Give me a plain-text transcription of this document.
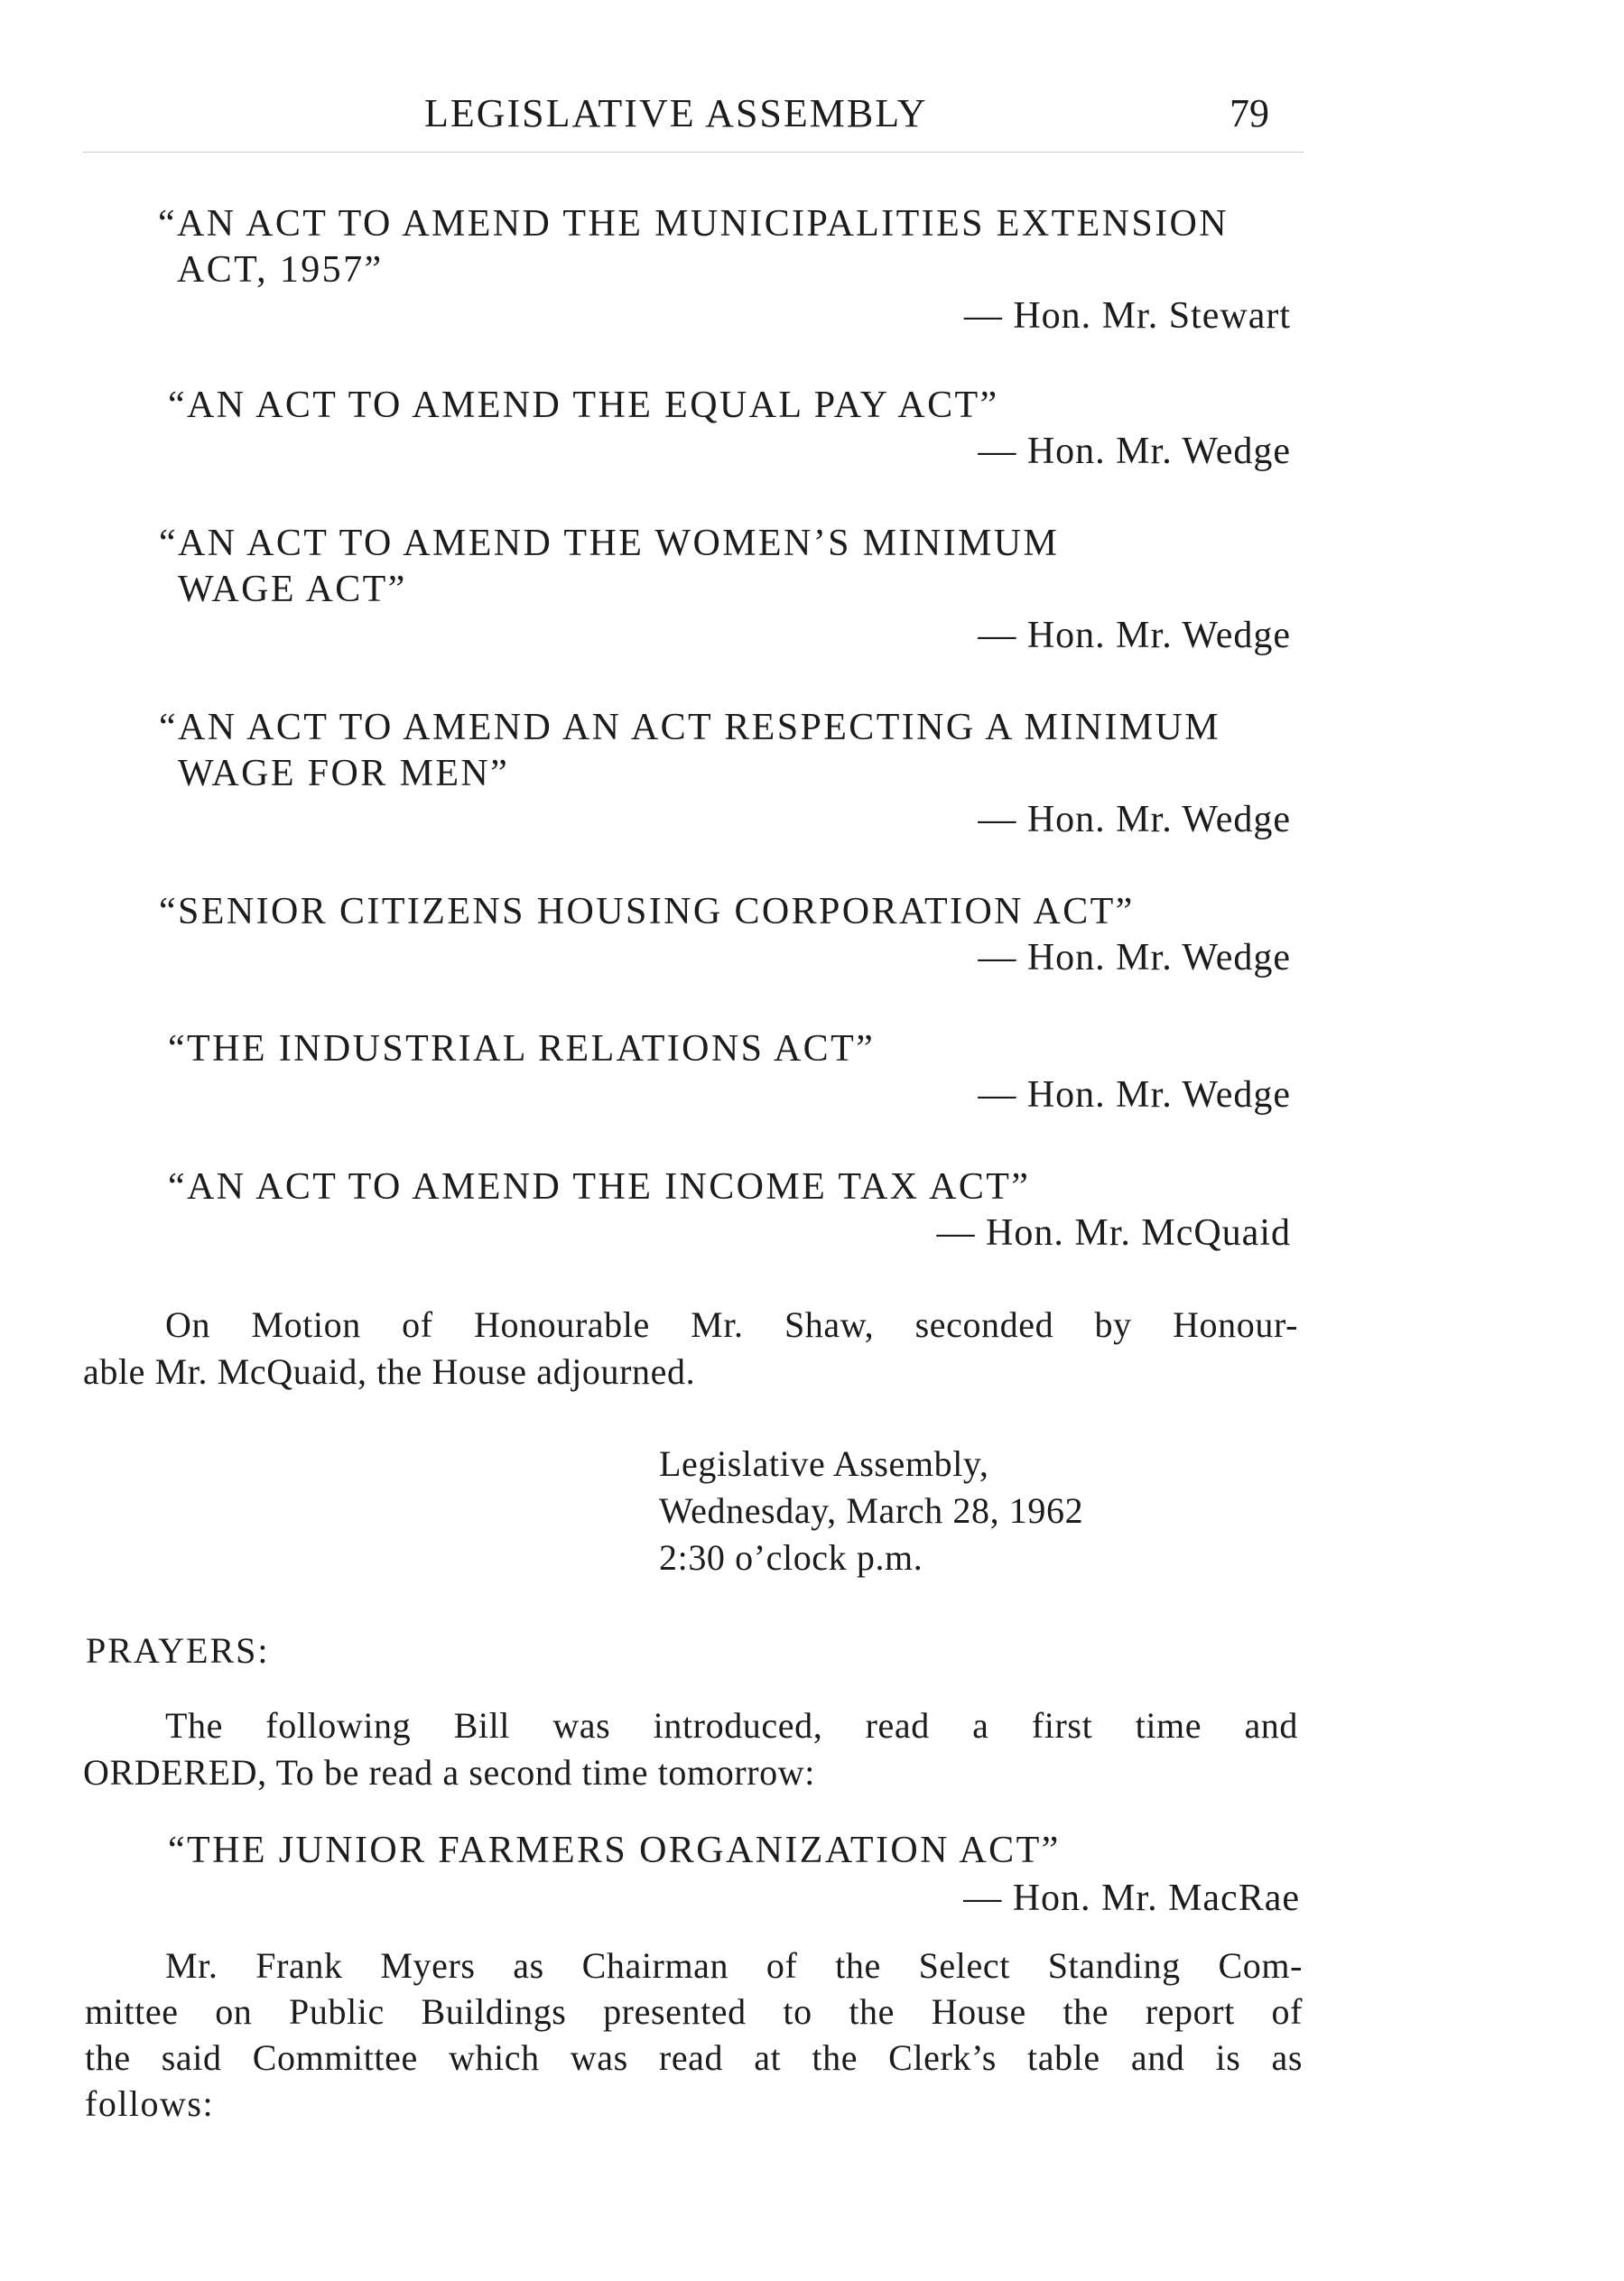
LEGISLATIVE ASSEMBLY	79
“AN ACT TO AMEND THE MUNICIPALITIES EXTENSION
ACT, 1957”
— Hon. Mr. Stewart
“AN ACT TO AMEND THE EQUAL PAY ACT”
— Hon. Mr. Wedge
“AN ACT TO AMEND THE WOMEN’S MINIMUM
WAGE ACT”
— Hon. Mr. Wedge
“AN ACT TO AMEND AN ACT RESPECTING A MINIMUM
WAGE FOR MEN”
— Hon. Mr. Wedge
“SENIOR CITIZENS HOUSING CORPORATION ACT”
— Hon. Mr. Wedge
“THE INDUSTRIAL RELATIONS ACT”
— Hon. Mr. Wedge
“AN ACT TO AMEND THE INCOME TAX ACT”
— Hon. Mr. McQuaid
On Motion of Honourable Mr. Shaw, seconded by Honour-
able Mr. McQuaid, the House adjourned.
Legislative Assembly,
Wednesday, March 28, 1962
2:30 o’clock p.m.
PRAYERS:
The following Bill was introduced, read a first time and
ORDERED, To be read a second time tomorrow:
“THE JUNIOR FARMERS ORGANIZATION ACT”
— Hon. Mr. MacRae
Mr. Frank Myers as Chairman of the Select Standing Com-
mittee on Public Buildings presented to the House the report of
the said Committee which was read at the Clerk’s table and is as
follows:
